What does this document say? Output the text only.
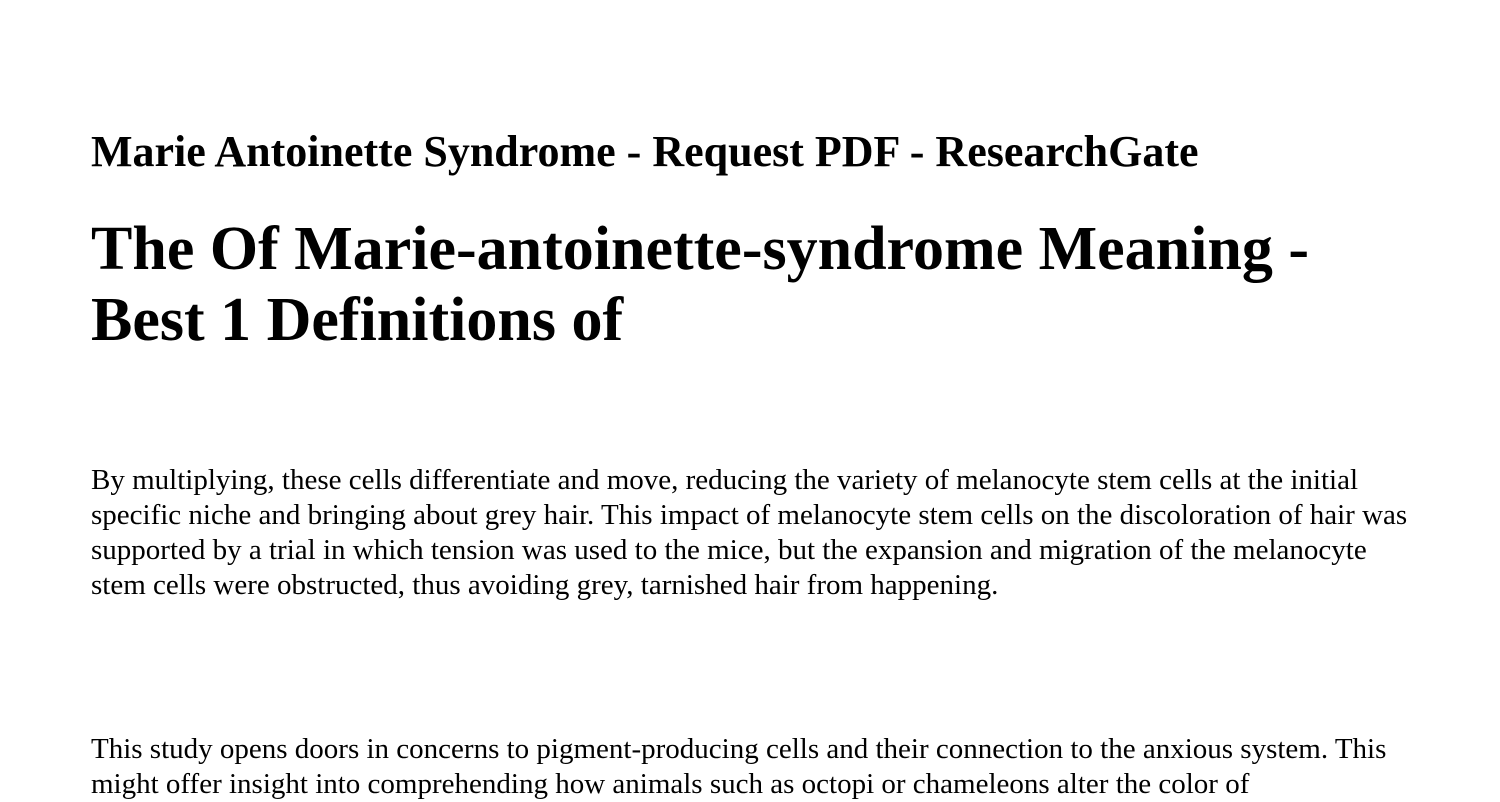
Marie Antoinette Syndrome - Request PDF - ResearchGate
The Of Marie-antoinette-syndrome Meaning - Best 1 Definitions of

By multiplying, these cells differentiate and move, reducing the variety of melanocyte stem cells at the initial specific niche and bringing about grey hair. This impact of melanocyte stem cells on the discoloration of hair was supported by a trial in which tension was used to the mice, but the expansion and migration of the melanocyte stem cells were obstructed, thus avoiding grey, tarnished hair from happening.

This study opens doors in concerns to pigment-producing cells and their connection to the anxious system. This might offer insight into comprehending how animals such as octopi or chameleons alter the color of
